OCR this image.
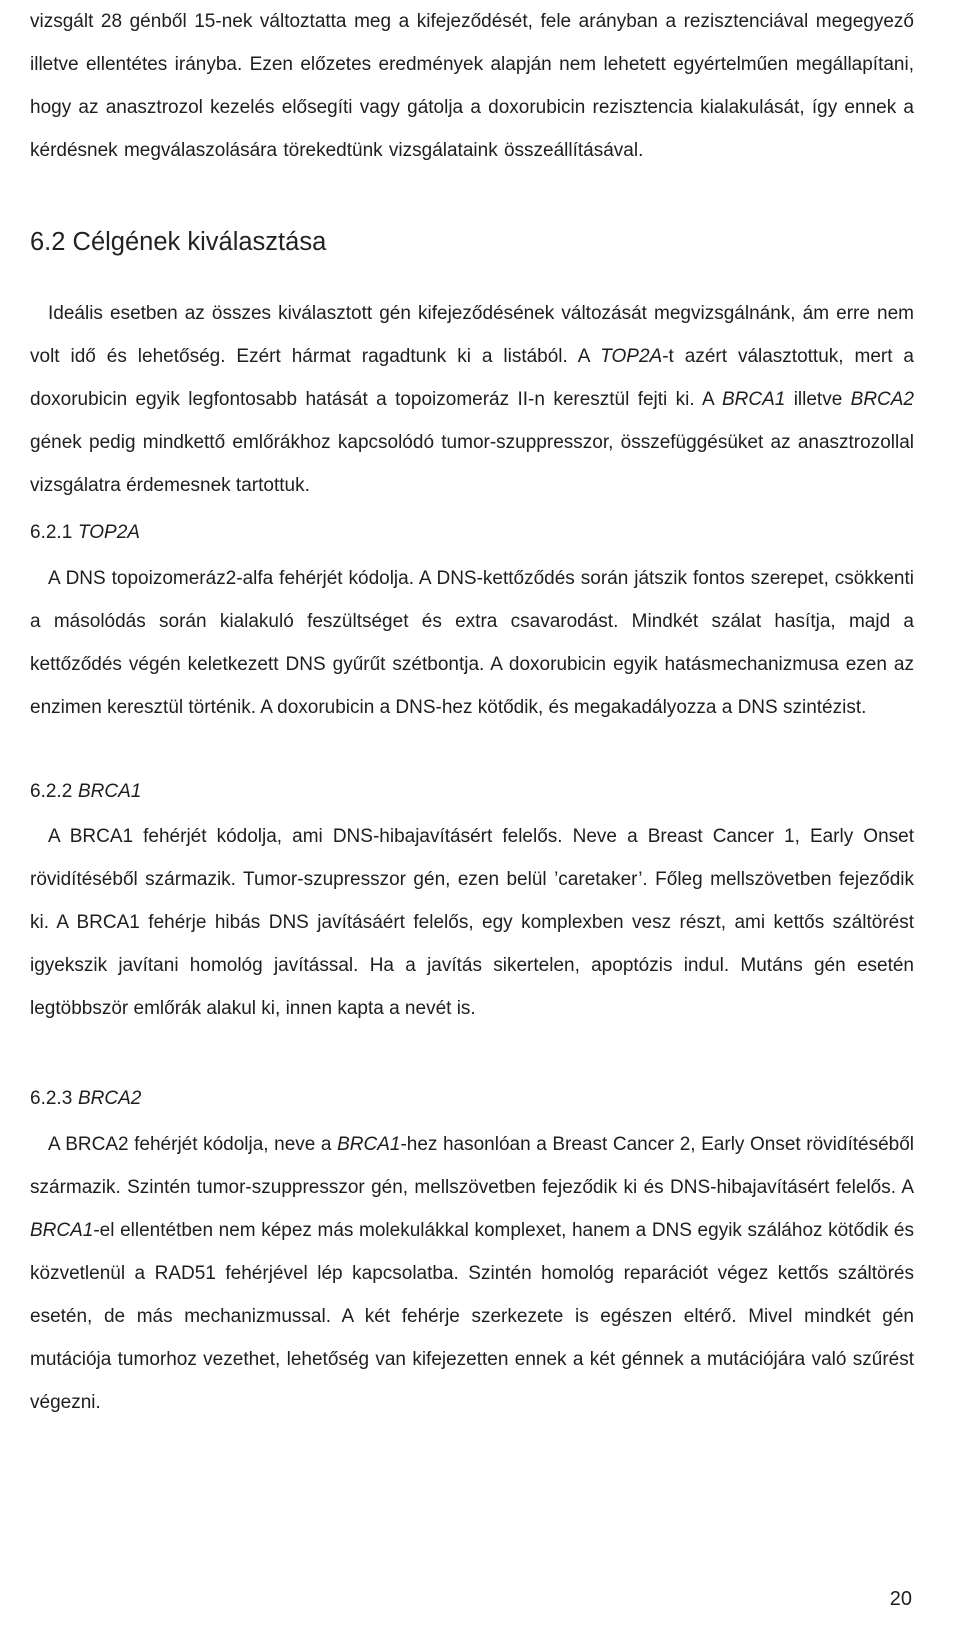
vizsgált 28 génből 15-nek változtatta meg a kifejeződését, fele arányban a rezisztenciával megegyező illetve ellentétes irányba. Ezen előzetes eredmények alapján nem lehetett egyértelműen megállapítani, hogy az anasztrozol kezelés elősegíti vagy gátolja a doxorubicin rezisztencia kialakulását, így ennek a kérdésnek megválaszolására törekedtünk vizsgálataink összeállításával.

6.2 Célgének kiválasztása

Ideális esetben az összes kiválasztott gén kifejeződésének változását megvizsgálnánk, ám erre nem volt idő és lehetőség. Ezért hármat ragadtunk ki a listából. A TOP2A-t azért választottuk, mert a doxorubicin egyik legfontosabb hatását a topoizomeráz II-n keresztül fejti ki. A BRCA1 illetve BRCA2 gének pedig mindkettő emlőrákhoz kapcsolódó tumor-szuppresszor, összefüggésüket az anasztrozollal vizsgálatra érdemesnek tartottuk.

6.2.1 TOP2A

A DNS topoizomeráz2-alfa fehérjét kódolja. A DNS-kettőződés során játszik fontos szerepet, csökkenti a másolódás során kialakuló feszültséget és extra csavarodást. Mindkét szálat hasítja, majd a kettőződés végén keletkezett DNS gyűrűt szétbontja. A doxorubicin egyik hatásmechanizmusa ezen az enzimen keresztül történik. A doxorubicin a DNS-hez kötődik, és megakadályozza a DNS szintézist.

6.2.2 BRCA1

A BRCA1 fehérjét kódolja, ami DNS-hibajavításért felelős. Neve a Breast Cancer 1, Early Onset rövidítéséből származik. Tumor-szupresszor gén, ezen belül ’caretaker’. Főleg mellszövetben fejeződik ki. A BRCA1 fehérje hibás DNS javításáért felelős, egy komplexben vesz részt, ami kettős száltörést igyekszik javítani homológ javítással. Ha a javítás sikertelen, apoptózis indul. Mutáns gén esetén legtöbbször emlőrák alakul ki, innen kapta a nevét is.

6.2.3 BRCA2

A BRCA2 fehérjét kódolja, neve a BRCA1-hez hasonlóan a Breast Cancer 2, Early Onset rövidítéséből származik. Szintén tumor-szuppresszor gén, mellszövetben fejeződik ki és DNS-hibajavításért felelős. A BRCA1-el ellentétben nem képez más molekulákkal komplexet, hanem a DNS egyik szálához kötődik és közvetlenül a RAD51 fehérjével lép kapcsolatba. Szintén homológ reparációt végez kettős száltörés esetén, de más mechanizmussal. A két fehérje szerkezete is egészen eltérő. Mivel mindkét gén mutációja tumorhoz vezethet, lehetőség van kifejezetten ennek a két génnek a mutációjára való szűrést végezni.

20
